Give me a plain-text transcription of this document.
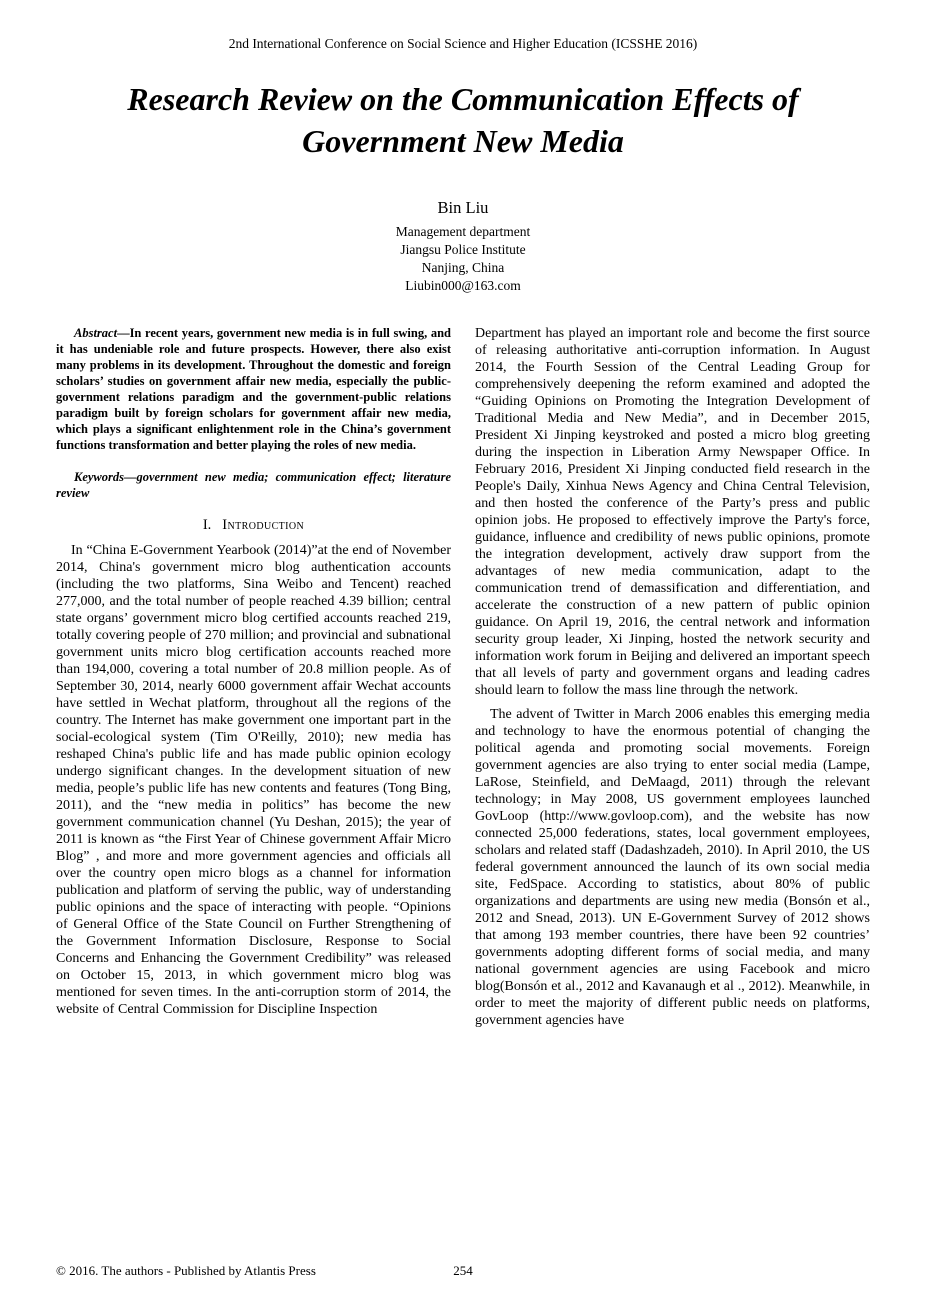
2nd International Conference on Social Science and Higher Education (ICSSHE 2016)
Research Review on the Communication Effects of Government New Media
Bin Liu
Management department
Jiangsu Police Institute
Nanjing, China
Liubin000@163.com

Abstract—In recent years, government new media is in full swing, and it has undeniable role and future prospects. However, there also exist many problems in its development. Throughout the domestic and foreign scholars’ studies on government affair new media, especially the public-government relations paradigm and the government-public relations paradigm built by foreign scholars for government affair new media, which plays a significant enlightenment role in the China’s government functions transformation and better playing the roles of new media.

Keywords—government new media; communication effect; literature review

I. Introduction

In “China E-Government Yearbook (2014)”at the end of November 2014, China's government micro blog authentication accounts (including the two platforms, Sina Weibo and Tencent) reached 277,000, and the total number of people reached 4.39 billion; central state organs’ government micro blog certified accounts reached 219, totally covering people of 270 million; and provincial and subnational government units micro blog certification accounts reached more than 194,000, covering a total number of 20.8 million people. As of September 30, 2014, nearly 6000 government affair Wechat accounts have settled in Wechat platform, throughout all the regions of the country. The Internet has make government one important part in the social-ecological system (Tim O'Reilly, 2010); new media has reshaped China's public life and has made public opinion ecology undergo significant changes. In the development situation of new media, people’s public life has new contents and features (Tong Bing, 2011), and the “new media in politics” has become the new government communication channel (Yu Deshan, 2015); the year of 2011 is known as “the First Year of Chinese government Affair Micro Blog” , and more and more government agencies and officials all over the country open micro blogs as a channel for information publication and platform of serving the public, way of understanding public opinions and the space of interacting with people. “Opinions of General Office of the State Council on Further Strengthening of the Government Information Disclosure, Response to Social Concerns and Enhancing the Government Credibility” was released on October 15, 2013, in which government micro blog was mentioned for seven times. In the anti-corruption storm of 2014, the website of Central Commission for Discipline Inspection

Department has played an important role and become the first source of releasing authoritative anti-corruption information. In August 2014, the Fourth Session of the Central Leading Group for comprehensively deepening the reform examined and adopted the “Guiding Opinions on Promoting the Integration Development of Traditional Media and New Media”, and in December 2015, President Xi Jinping keystroked and posted a micro blog greeting during the inspection in Liberation Army Newspaper Office. In February 2016, President Xi Jinping conducted field research in the People's Daily, Xinhua News Agency and China Central Television, and then hosted the conference of the Party’s press and public opinion jobs. He proposed to effectively improve the Party's force, guidance, influence and credibility of news public opinions, promote the integration development, actively draw support from the advantages of new media communication, adapt to the communication trend of demassification and differentiation, and accelerate the construction of a new pattern of public opinion guidance. On April 19, 2016, the central network and information security group leader, Xi Jinping, hosted the network security and information work forum in Beijing and delivered an important speech that all levels of party and government organs and leading cadres should learn to follow the mass line through the network.

The advent of Twitter in March 2006 enables this emerging media and technology to have the enormous potential of changing the political agenda and promoting social movements. Foreign government agencies are also trying to enter social media (Lampe, LaRose, Steinfield, and DeMaagd, 2011) through the relevant technology; in May 2008, US government employees launched GovLoop (http://www.govloop.com), and the website has now connected 25,000 federations, states, local government employees, scholars and related staff (Dadashzadeh, 2010). In April 2010, the US federal government announced the launch of its own social media site, FedSpace. According to statistics, about 80% of public organizations and departments are using new media (Bonsón et al., 2012 and Snead, 2013). UN E-Government Survey of 2012 shows that among 193 member countries, there have been 92 countries’ governments adopting different forms of social media, and many national government agencies are using Facebook and micro blog(Bonsón et al., 2012 and Kavanaugh et al ., 2012). Meanwhile, in order to meet the majority of different public needs on platforms, government agencies have

© 2016. The authors - Published by Atlantis Press	254
